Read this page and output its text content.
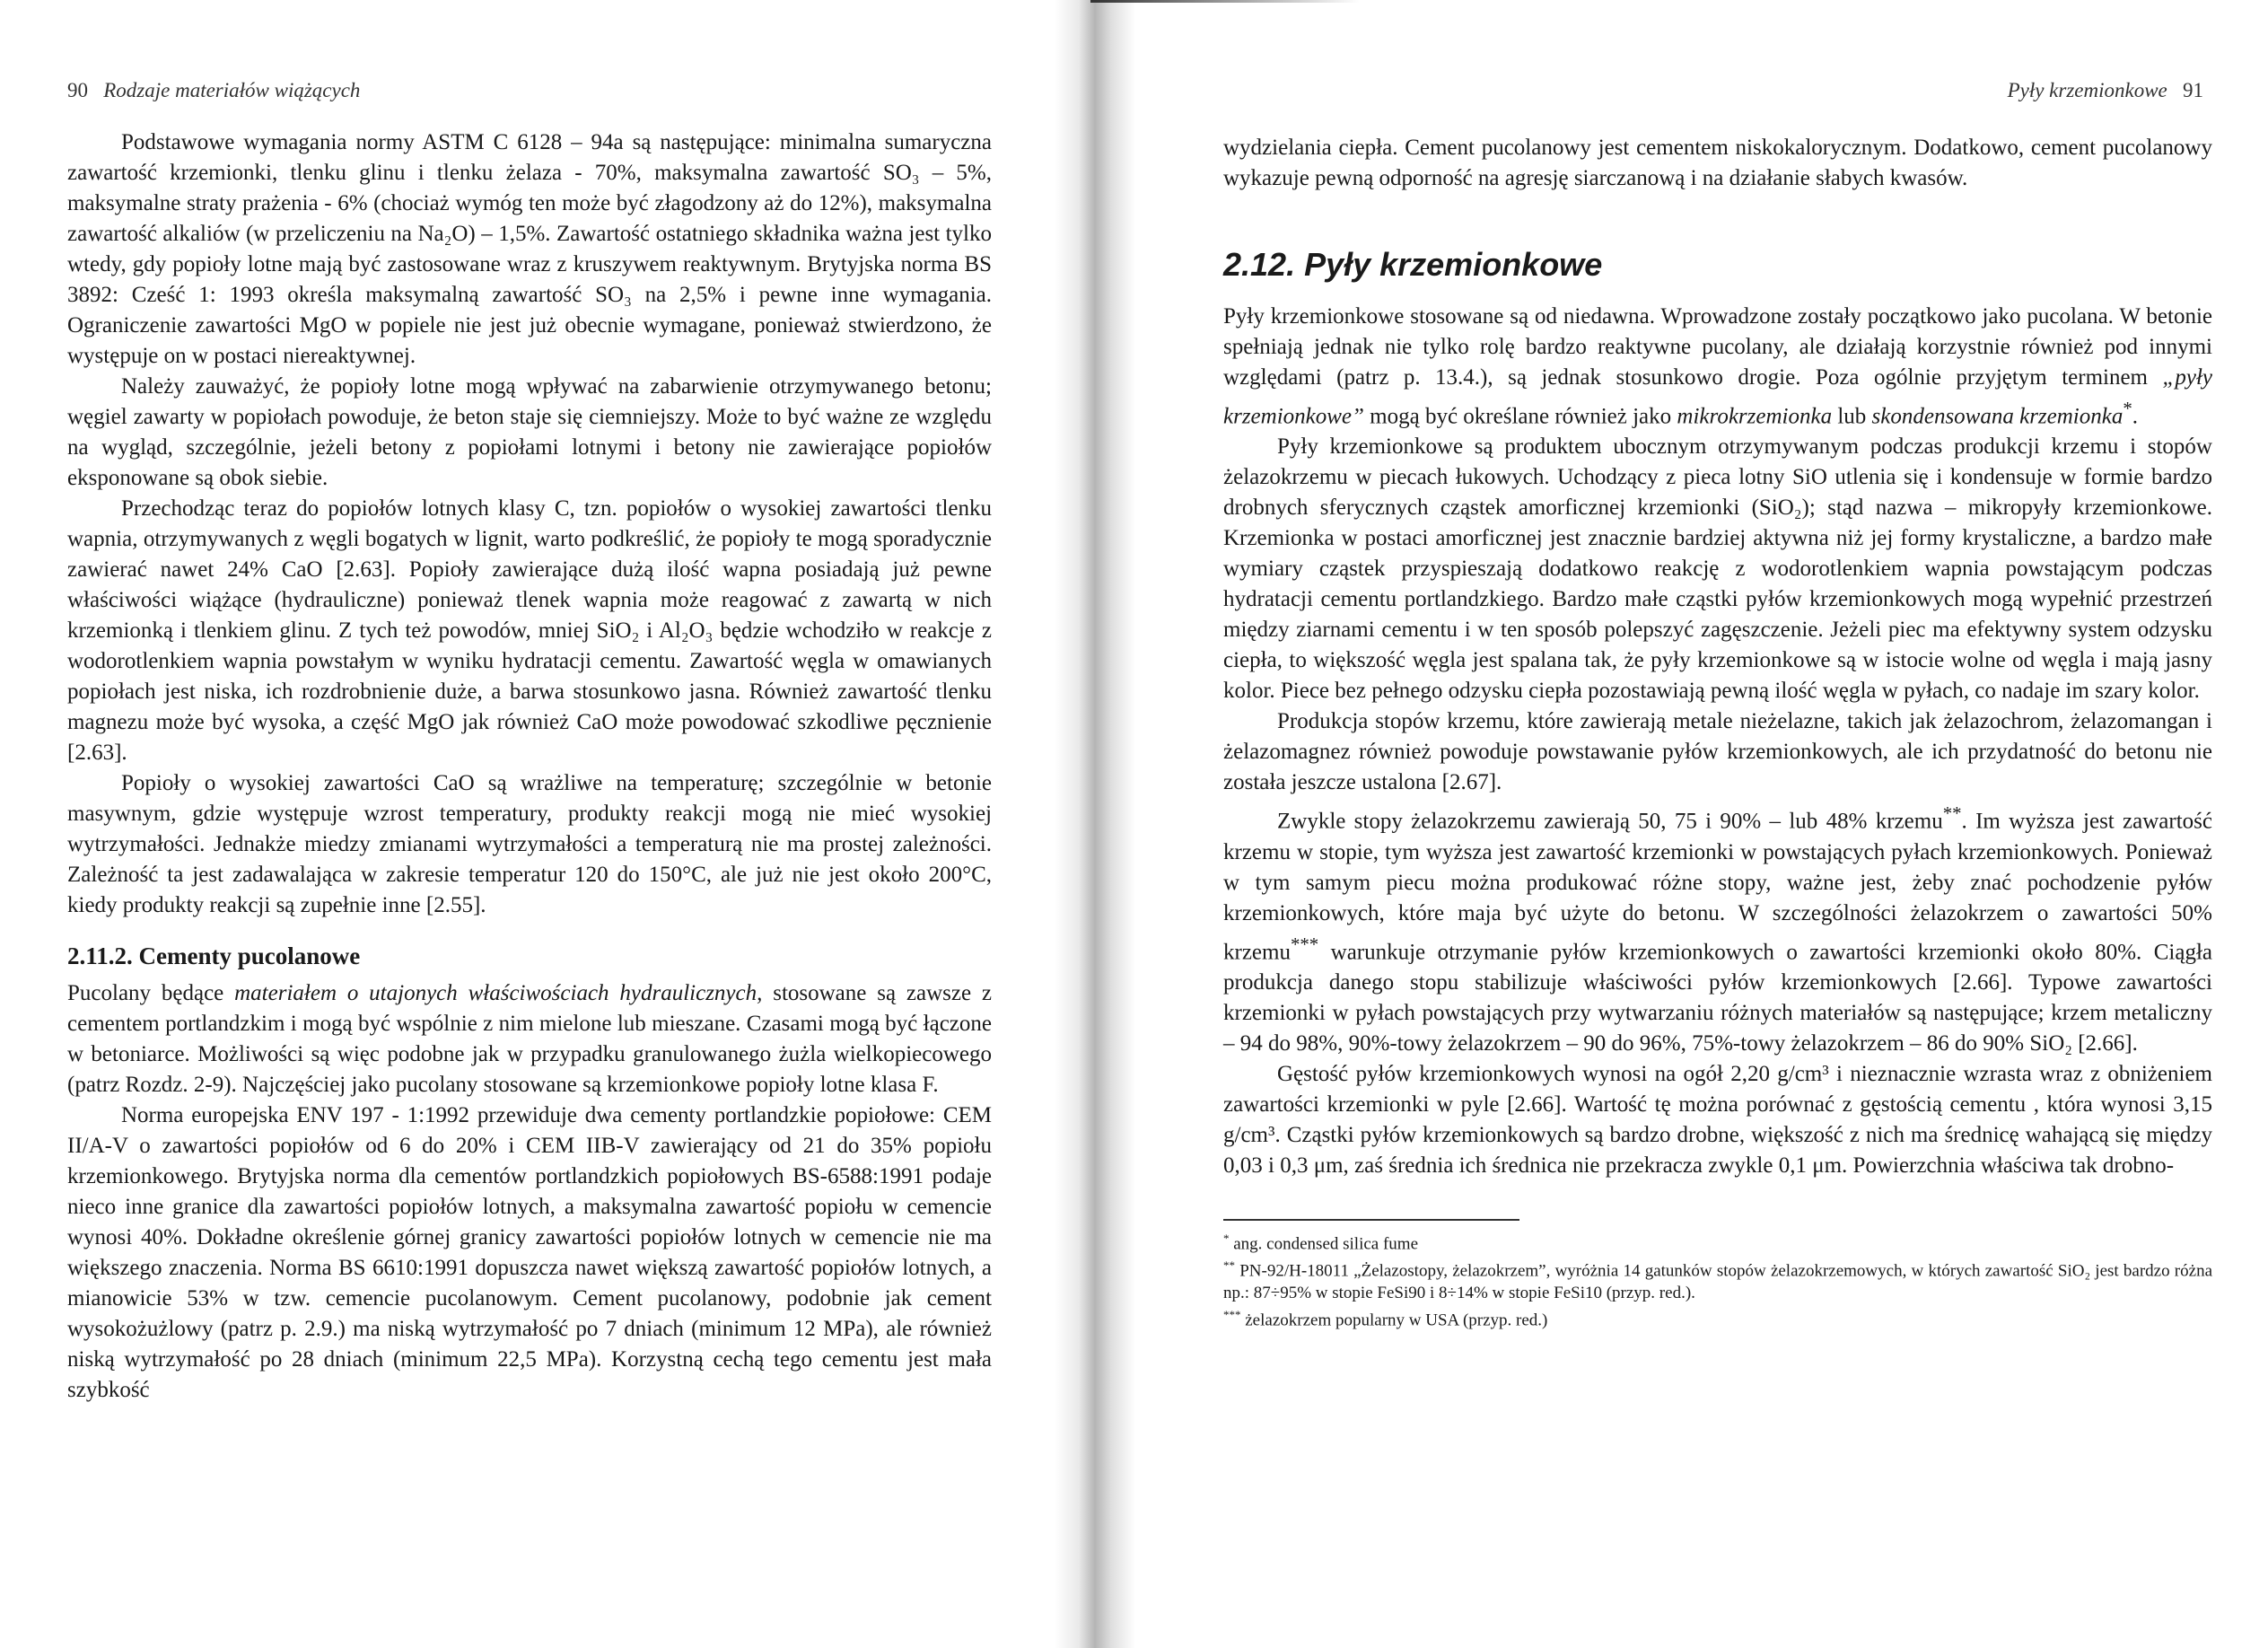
90 Rodzaje materiałów wiążących

Podstawowe wymagania normy ASTM C 6128 – 94a są następujące: minimalna sumaryczna zawartość krzemionki, tlenku glinu i tlenku żelaza - 70%, maksymalna zawartość SO₃ – 5%, maksymalne straty prażenia - 6% (chociaż wymóg ten może być złagodzony aż do 12%), maksymalna zawartość alkaliów (w przeliczeniu na Na₂O) – 1,5%. Zawartość ostatniego składnika ważna jest tylko wtedy, gdy popioły lotne mają być zastosowane wraz z kruszywem reaktywnym. Brytyjska norma BS 3892: Cześć 1: 1993 określa maksymalną zawartość SO₃ na 2,5% i pewne inne wymagania. Ograniczenie zawartości MgO w popiele nie jest już obecnie wymagane, ponieważ stwierdzono, że występuje on w postaci niereaktywnej.

Należy zauważyć, że popioły lotne mogą wpływać na zabarwienie otrzymywanego betonu; węgiel zawarty w popiołach powoduje, że beton staje się ciemniejszy. Może to być ważne ze względu na wygląd, szczególnie, jeżeli betony z popiołami lotnymi i betony nie zawierające popiołów eksponowane są obok siebie.

Przechodząc teraz do popiołów lotnych klasy C, tzn. popiołów o wysokiej zawartości tlenku wapnia, otrzymywanych z węgli bogatych w lignit, warto podkreślić, że popioły te mogą sporadycznie zawierać nawet 24% CaO [2.63]. Popioły zawierające dużą ilość wapna posiadają już pewne właściwości wiążące (hydrauliczne) ponieważ tlenek wapnia może reagować z zawartą w nich krzemionką i tlenkiem glinu. Z tych też powodów, mniej SiO₂ i Al₂O₃ będzie wchodziło w reakcje z wodorotlenkiem wapnia powstałym w wyniku hydratacji cementu. Zawartość węgla w omawianych popiołach jest niska, ich rozdrobnienie duże, a barwa stosunkowo jasna. Również zawartość tlenku magnezu może być wysoka, a część MgO jak również CaO może powodować szkodliwe pęcznienie [2.63].

Popioły o wysokiej zawartości CaO są wrażliwe na temperaturę; szczególnie w betonie masywnym, gdzie występuje wzrost temperatury, produkty reakcji mogą nie mieć wysokiej wytrzymałości. Jednakże miedzy zmianami wytrzymałości a temperaturą nie ma prostej zależności. Zależność ta jest zadawalająca w zakresie temperatur 120 do 150°C, ale już nie jest około 200°C, kiedy produkty reakcji są zupełnie inne [2.55].

2.11.2. Cementy pucolanowe

Pucolany będące materiałem o utajonych właściwościach hydraulicznych, stosowane są zawsze z cementem portlandzkim i mogą być wspólnie z nim mielone lub mieszane. Czasami mogą być łączone w betoniarce. Możliwości są więc podobne jak w przypadku granulowanego żużla wielkopiecowego (patrz Rozdz. 2-9). Najczęściej jako pucolany stosowane są krzemionkowe popioły lotne klasa F.

Norma europejska ENV 197 - 1:1992 przewiduje dwa cementy portlandzkie popiołowe: CEM II/A-V o zawartości popiołów od 6 do 20% i CEM IIB-V zawierający od 21 do 35% popiołu krzemionkowego. Brytyjska norma dla cementów portlandzkich popiołowych BS-6588:1991 podaje nieco inne granice dla zawartości popiołów lotnych, a maksymalna zawartość popiołu w cemencie wynosi 40%. Dokładne określenie górnej granicy zawartości popiołów lotnych w cemencie nie ma większego znaczenia. Norma BS 6610:1991 dopuszcza nawet większą zawartość popiołów lotnych, a mianowicie 53% w tzw. cemencie pucolanowym. Cement pucolanowy, podobnie jak cement wysokożużlowy (patrz p. 2.9.) ma niską wytrzymałość po 7 dniach (minimum 12 MPa), ale również niską wytrzymałość po 28 dniach (minimum 22,5 MPa). Korzystną cechą tego cementu jest mała szybkość

Pyły krzemionkowe 91

wydzielania ciepła. Cement pucolanowy jest cementem niskokalorycznym. Dodatkowo, cement pucolanowy wykazuje pewną odporność na agresję siarczanową i na działanie słabych kwasów.

2.12. Pyły krzemionkowe

Pyły krzemionkowe stosowane są od niedawna. Wprowadzone zostały początkowo jako pucolana. W betonie spełniają jednak nie tylko rolę bardzo reaktywne pucolany, ale działają korzystnie również pod innymi względami (patrz p. 13.4.), są jednak stosunkowo drogie. Poza ogólnie przyjętym terminem „pyły krzemionkowe” mogą być określane również jako mikrokrzemionka lub skondensowana krzemionka*.

Pyły krzemionkowe są produktem ubocznym otrzymywanym podczas produkcji krzemu i stopów żelazokrzemu w piecach łukowych. Uchodzący z pieca lotny SiO utlenia się i kondensuje w formie bardzo drobnych sferycznych cząstek amorficznej krzemionki (SiO₂); stąd nazwa – mikropyły krzemionkowe. Krzemionka w postaci amorficznej jest znacznie bardziej aktywna niż jej formy krystaliczne, a bardzo małe wymiary cząstek przyspieszają dodatkowo reakcję z wodorotlenkiem wapnia powstającym podczas hydratacji cementu portlandzkiego. Bardzo małe cząstki pyłów krzemionkowych mogą wypełnić przestrzeń między ziarnami cementu i w ten sposób polepszyć zagęszczenie. Jeżeli piec ma efektywny system odzysku ciepła, to większość węgla jest spalana tak, że pyły krzemionkowe są w istocie wolne od węgla i mają jasny kolor. Piece bez pełnego odzysku ciepła pozostawiają pewną ilość węgla w pyłach, co nadaje im szary kolor.

Produkcja stopów krzemu, które zawierają metale nieżelazne, takich jak żelazochrom, żelazomangan i żelazomagnez również powoduje powstawanie pyłów krzemionkowych, ale ich przydatność do betonu nie została jeszcze ustalona [2.67].

Zwykle stopy żelazokrzemu zawierają 50, 75 i 90% – lub 48% krzemu**. Im wyższa jest zawartość krzemu w stopie, tym wyższa jest zawartość krzemionki w powstających pyłach krzemionkowych. Ponieważ w tym samym piecu można produkować różne stopy, ważne jest, żeby znać pochodzenie pyłów krzemionkowych, które maja być użyte do betonu. W szczególności żelazokrzem o zawartości 50% krzemu*** warunkuje otrzymanie pyłów krzemionkowych o zawartości krzemionki około 80%. Ciągła produkcja danego stopu stabilizuje właściwości pyłów krzemionkowych [2.66]. Typowe zawartości krzemionki w pyłach powstających przy wytwarzaniu różnych materiałów są następujące; krzem metaliczny – 94 do 98%, 90%-towy żelazokrzem – 90 do 96%, 75%-towy żelazokrzem – 86 do 90% SiO₂ [2.66].

Gęstość pyłów krzemionkowych wynosi na ogół 2,20 g/cm³ i nieznacznie wzrasta wraz z obniżeniem zawartości krzemionki w pyle [2.66]. Wartość tę można porównać z gęstością cementu , która wynosi 3,15 g/cm³. Cząstki pyłów krzemionkowych są bardzo drobne, większość z nich ma średnicę wahającą się między 0,03 i 0,3 μm, zaś średnia ich średnica nie przekracza zwykle 0,1 μm. Powierzchnia właściwa tak drobno-

* ang. condensed silica fume
** PN-92/H-18011 „Żelazostopy, żelazokrzem”, wyróżnia 14 gatunków stopów żelazokrzemowych, w których zawartość SiO₂ jest bardzo różna np.: 87÷95% w stopie FeSi90 i 8÷14% w stopie FeSi10 (przyp. red.).
*** żelazokrzem popularny w USA (przyp. red.)
